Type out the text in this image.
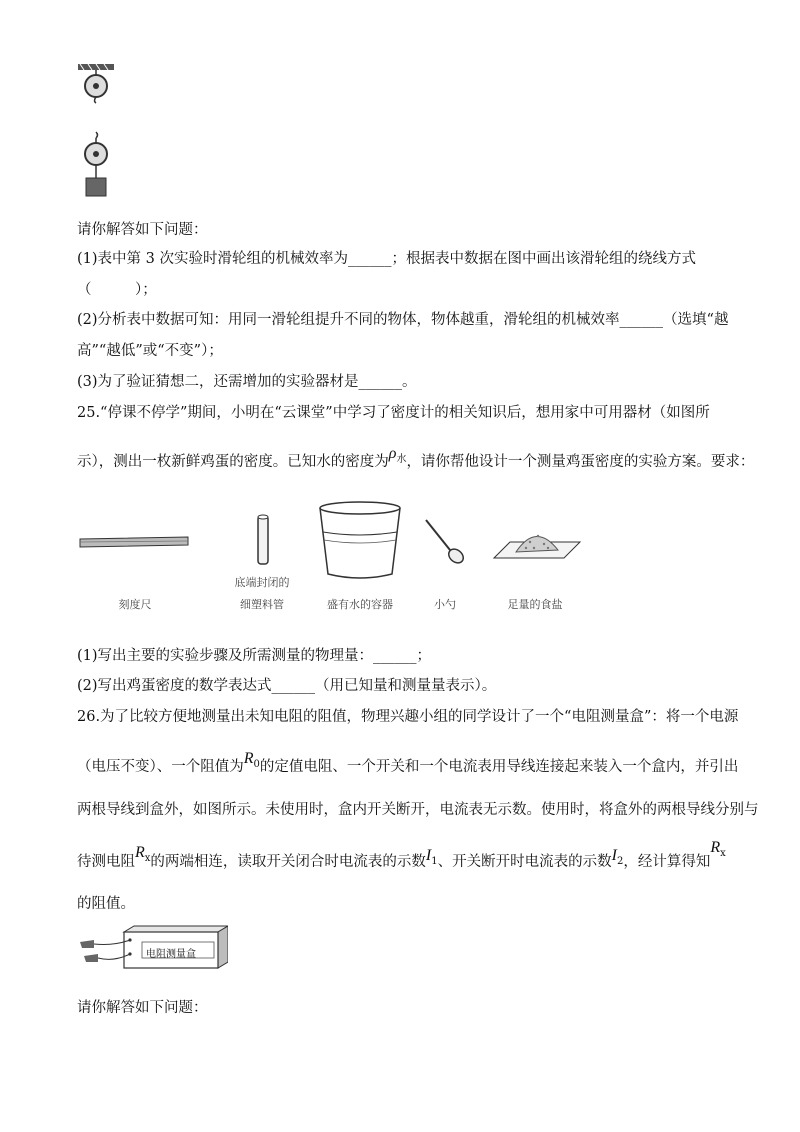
请你解答如下问题：
(1)表中第 3 次实验时滑轮组的机械效率为______；根据表中数据在图中画出该滑轮组的绕线方式
（　　　）；
(2)分析表中数据可知：用同一滑轮组提升不同的物体，物体越重，滑轮组的机械效率______（选填“越
高”“越低”或“不变”）；
(3)为了验证猜想二，还需增加的实验器材是______。
25.“停课不停学”期间，小明在“云课堂”中学习了密度计的相关知识后，想用家中可用器材（如图所
示），测出一枚新鲜鸡蛋的密度。已知水的密度为$\rho_水$，请你帮他设计一个测量鸡蛋密度的实验方案。要求：
刻度尺
底端封闭的
细塑料管	盛有水的容器	小勺	足量的食盐
(1)写出主要的实验步骤及所需测量的物理量：______；
(2)写出鸡蛋密度的数学表达式______（用已知量和测量量表示）。
26.为了比较方便地测量出未知电阻的阻值，物理兴趣小组的同学设计了一个“电阻测量盒”：将一个电源
（电压不变）、一个阻值为$R_0$的定值电阻、一个开关和一个电流表用导线连接起来装入一个盒内，并引出
两根导线到盒外，如图所示。未使用时，盒内开关断开，电流表无示数。使用时，将盒外的两根导线分别与
待测电阻$R_x$的两端相连，读取开关闭合时电流表的示数$I_1$、开关断开时电流表的示数$I_2$，经计算得知$R_x$
的阻值。
电阻测量盒
请你解答如下问题：
